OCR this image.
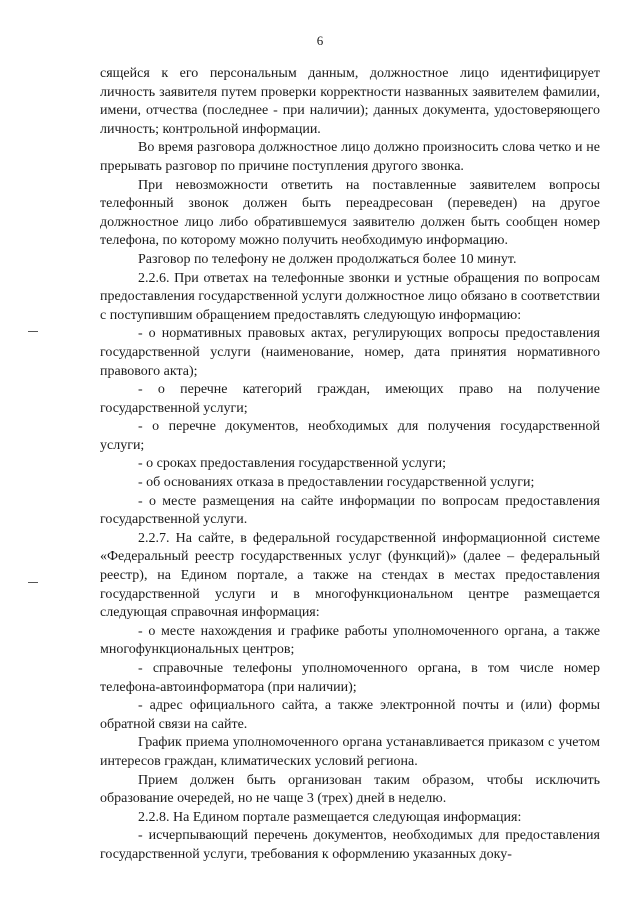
6

сящейся к его персональным данным, должностное лицо идентифицирует личность заявителя путем проверки корректности названных заявителем фамилии, имени, отчества (последнее - при наличии); данных документа, удостоверяющего личность; контрольной информации.

Во время разговора должностное лицо должно произносить слова четко и не прерывать разговор по причине поступления другого звонка.

При невозможности ответить на поставленные заявителем вопросы телефонный звонок должен быть переадресован (переведен) на другое должностное лицо либо обратившемуся заявителю должен быть сообщен номер телефона, по которому можно получить необходимую информацию.

Разговор по телефону не должен продолжаться более 10 минут.

2.2.6. При ответах на телефонные звонки и устные обращения по вопросам предоставления государственной услуги должностное лицо обязано в соответствии с поступившим обращением предоставлять следующую информацию:

- о нормативных правовых актах, регулирующих вопросы предоставления государственной услуги (наименование, номер, дата принятия нормативного правового акта);

- о перечне категорий граждан, имеющих право на получение государственной услуги;

- о перечне документов, необходимых для получения государственной услуги;

- о сроках предоставления государственной услуги;

- об основаниях отказа в предоставлении государственной услуги;

- о месте размещения на сайте информации по вопросам предоставления государственной услуги.

2.2.7. На сайте, в федеральной государственной информационной системе «Федеральный реестр государственных услуг (функций)» (далее – федеральный реестр), на Едином портале, а также на стендах в местах предоставления государственной услуги и в многофункциональном центре размещается следующая справочная информация:

- о месте нахождения и графике работы уполномоченного органа, а также многофункциональных центров;

- справочные телефоны уполномоченного органа, в том числе номер телефона-автоинформатора (при наличии);

- адрес официального сайта, а также электронной почты и (или) формы обратной связи на сайте.

График приема уполномоченного органа устанавливается приказом с учетом интересов граждан, климатических условий региона.

Прием должен быть организован таким образом, чтобы исключить образование очередей, но не чаще 3 (трех) дней в неделю.

2.2.8. На Едином портале размещается следующая информация:

- исчерпывающий перечень документов, необходимых для предоставления государственной услуги, требования к оформлению указанных доку-
